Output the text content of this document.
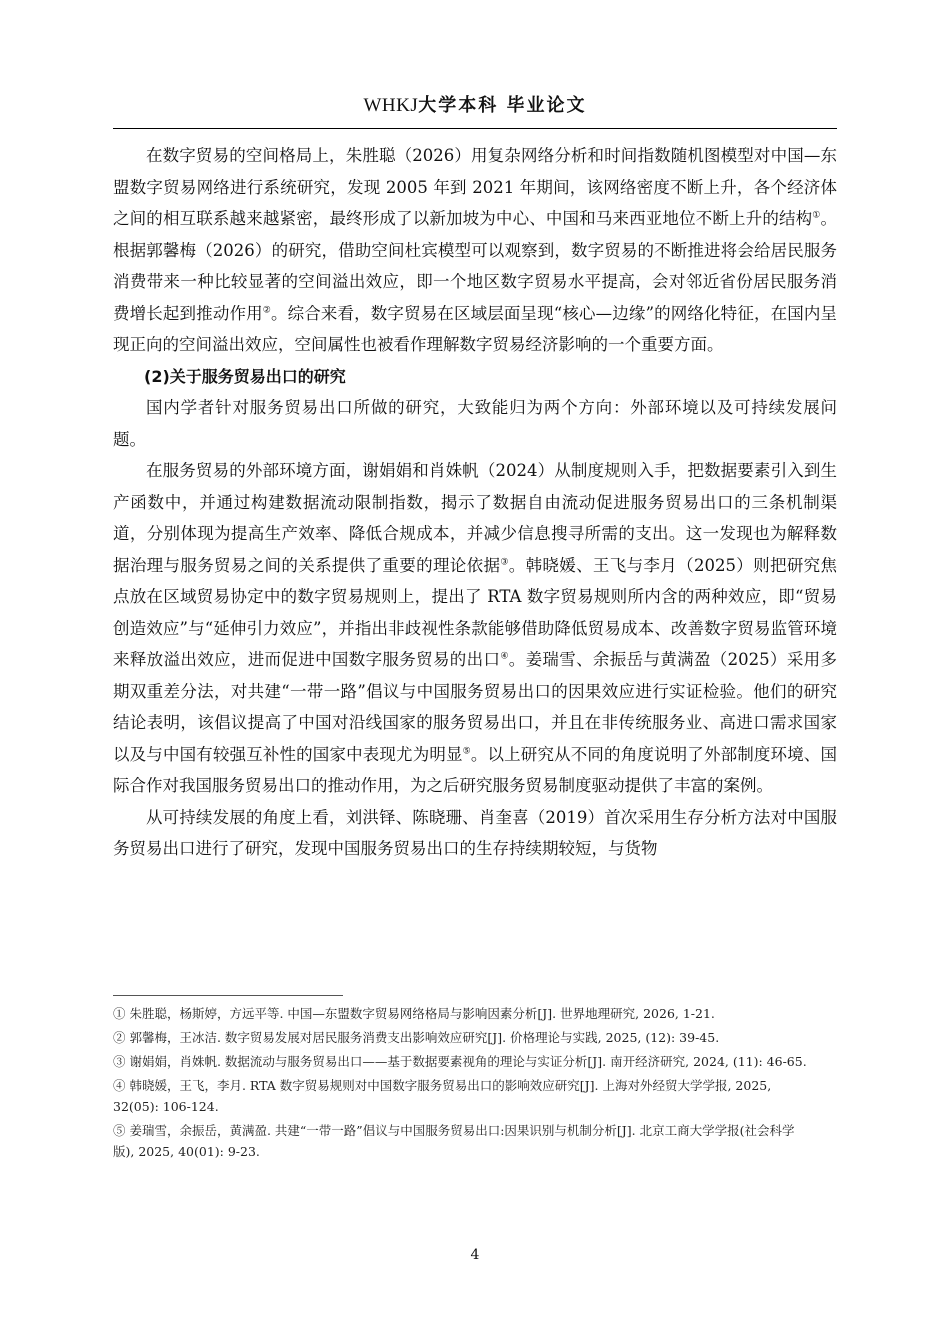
WHKJ大学本科 毕业论文

在数字贸易的空间格局上，朱胜聪（2026）用复杂网络分析和时间指数随机图模型对中国—东盟数字贸易网络进行系统研究，发现 2005 年到 2021 年期间，该网络密度不断上升，各个经济体之间的相互联系越来越紧密，最终形成了以新加坡为中心、中国和马来西亚地位不断上升的结构①。根据郭馨梅（2026）的研究，借助空间杜宾模型可以观察到，数字贸易的不断推进将会给居民服务消费带来一种比较显著的空间溢出效应，即一个地区数字贸易水平提高，会对邻近省份居民服务消费增长起到推动作用②。综合来看，数字贸易在区域层面呈现“核心—边缘”的网络化特征，在国内呈现正向的空间溢出效应，空间属性也被看作理解数字贸易经济影响的一个重要方面。

(2)关于服务贸易出口的研究

国内学者针对服务贸易出口所做的研究，大致能归为两个方向：外部环境以及可持续发展问题。

在服务贸易的外部环境方面，谢娟娟和肖姝帆（2024）从制度规则入手，把数据要素引入到生产函数中，并通过构建数据流动限制指数，揭示了数据自由流动促进服务贸易出口的三条机制渠道，分别体现为提高生产效率、降低合规成本，并减少信息搜寻所需的支出。这一发现也为解释数据治理与服务贸易之间的关系提供了重要的理论依据③。韩晓媛、王飞与李月（2025）则把研究焦点放在区域贸易协定中的数字贸易规则上，提出了 RTA 数字贸易规则所内含的两种效应，即“贸易创造效应”与“延伸引力效应”，并指出非歧视性条款能够借助降低贸易成本、改善数字贸易监管环境来释放溢出效应，进而促进中国数字服务贸易的出口④。姜瑞雪、余振岳与黄满盈（2025）采用多期双重差分法，对共建“一带一路”倡议与中国服务贸易出口的因果效应进行实证检验。他们的研究结论表明，该倡议提高了中国对沿线国家的服务贸易出口，并且在非传统服务业、高进口需求国家以及与中国有较强互补性的国家中表现尤为明显⑤。以上研究从不同的角度说明了外部制度环境、国际合作对我国服务贸易出口的推动作用，为之后研究服务贸易制度驱动提供了丰富的案例。

从可持续发展的角度上看，刘洪铎、陈晓珊、肖奎喜（2019）首次采用生存分析方法对中国服务贸易出口进行了研究，发现中国服务贸易出口的生存持续期较短，与货物

① 朱胜聪，杨斯婷，方远平等. 中国—东盟数字贸易网络格局与影响因素分析[J]. 世界地理研究, 2026, 1-21.

② 郭馨梅，王冰洁. 数字贸易发展对居民服务消费支出影响效应研究[J]. 价格理论与实践, 2025, (12): 39-45.

③ 谢娟娟，肖姝帆. 数据流动与服务贸易出口——基于数据要素视角的理论与实证分析[J]. 南开经济研究, 2024, (11): 46-65.

④ 韩晓媛，王飞，李月. RTA 数字贸易规则对中国数字服务贸易出口的影响效应研究[J]. 上海对外经贸大学学报, 2025, 32(05): 106-124.

⑤ 姜瑞雪，余振岳，黄满盈. 共建“一带一路”倡议与中国服务贸易出口:因果识别与机制分析[J]. 北京工商大学学报(社会科学版), 2025, 40(01): 9-23.

4
